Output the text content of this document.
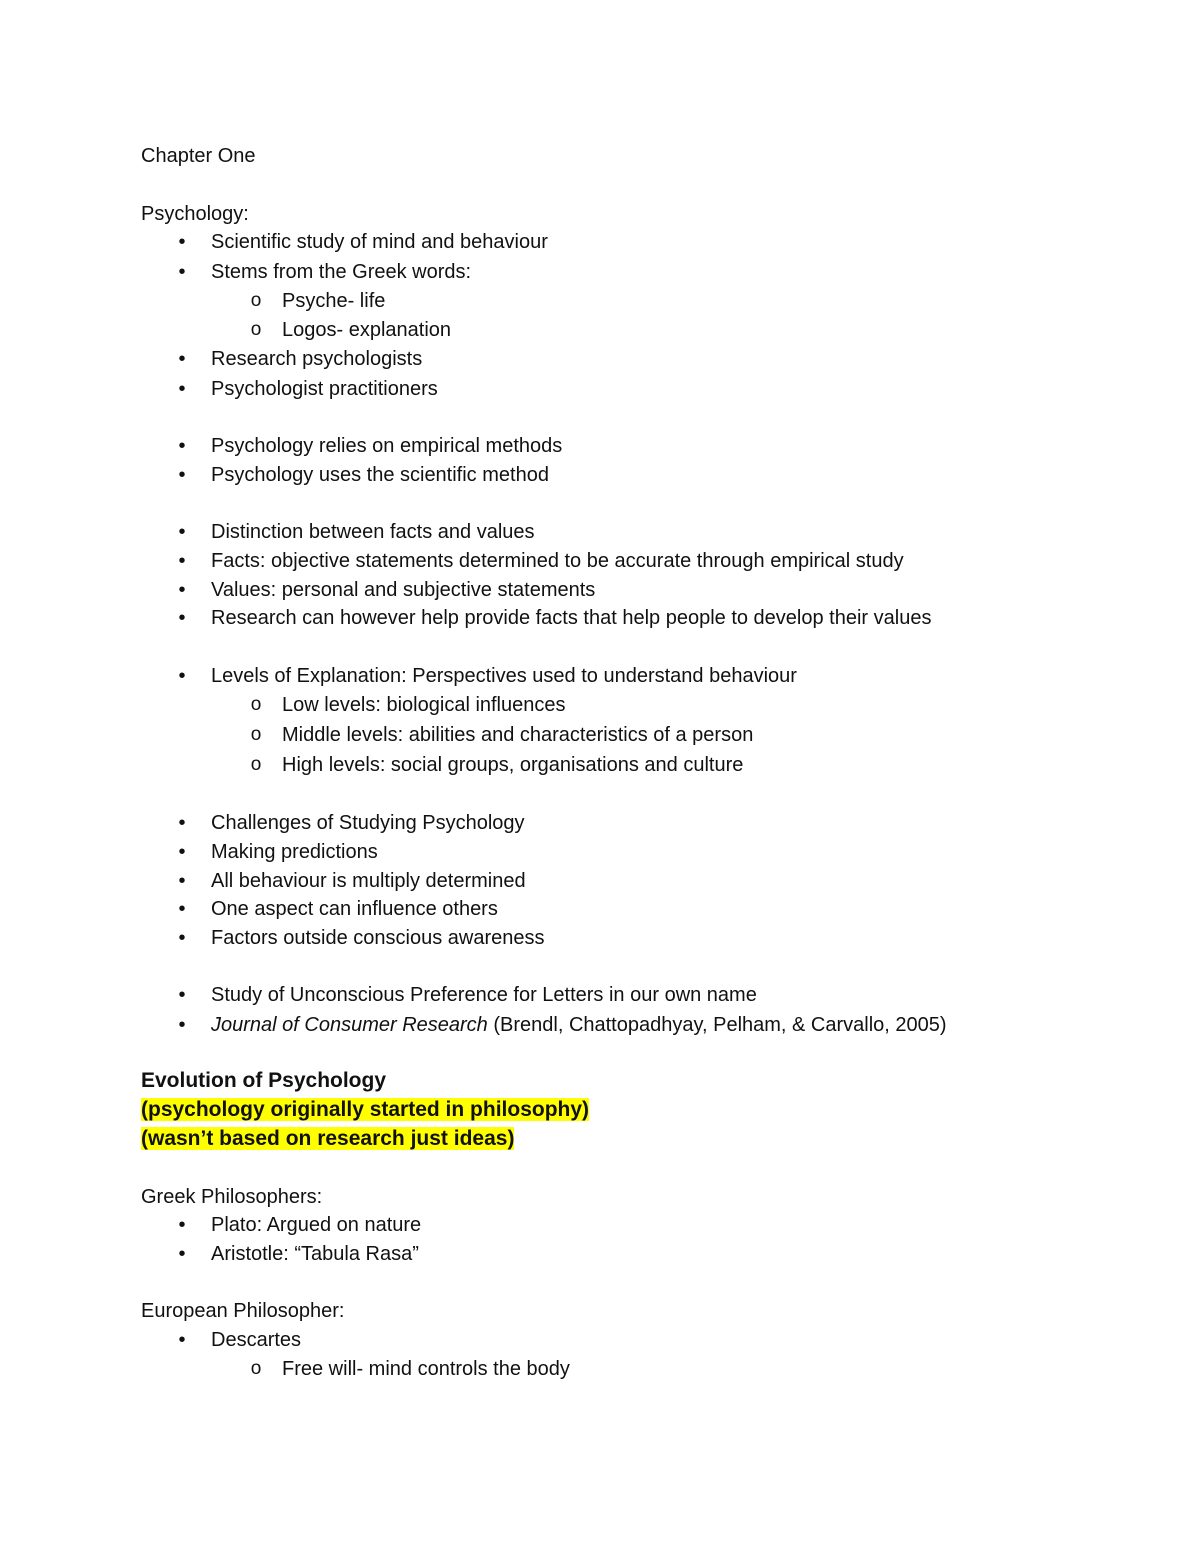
Chapter One
Psychology:
• Scientific study of mind and behaviour
• Stems from the Greek words:
o Psyche- life
o Logos- explanation
• Research psychologists
• Psychologist practitioners
• Psychology relies on empirical methods
• Psychology uses the scientific method
• Distinction between facts and values
• Facts: objective statements determined to be accurate through empirical study
• Values: personal and subjective statements
• Research can however help provide facts that help people to develop their values
• Levels of Explanation: Perspectives used to understand behaviour
o Low levels: biological influences
o Middle levels: abilities and characteristics of a person
o High levels: social groups, organisations and culture
• Challenges of Studying Psychology
• Making predictions
• All behaviour is multiply determined
• One aspect can influence others
• Factors outside conscious awareness
• Study of Unconscious Preference for Letters in our own name
• Journal of Consumer Research (Brendl, Chattopadhyay, Pelham, & Carvallo, 2005)
Evolution of Psychology
(psychology originally started in philosophy)
(wasn’t based on research just ideas)
Greek Philosophers:
• Plato: Argued on nature
• Aristotle: “Tabula Rasa”
European Philosopher:
• Descartes
o Free will- mind controls the body
